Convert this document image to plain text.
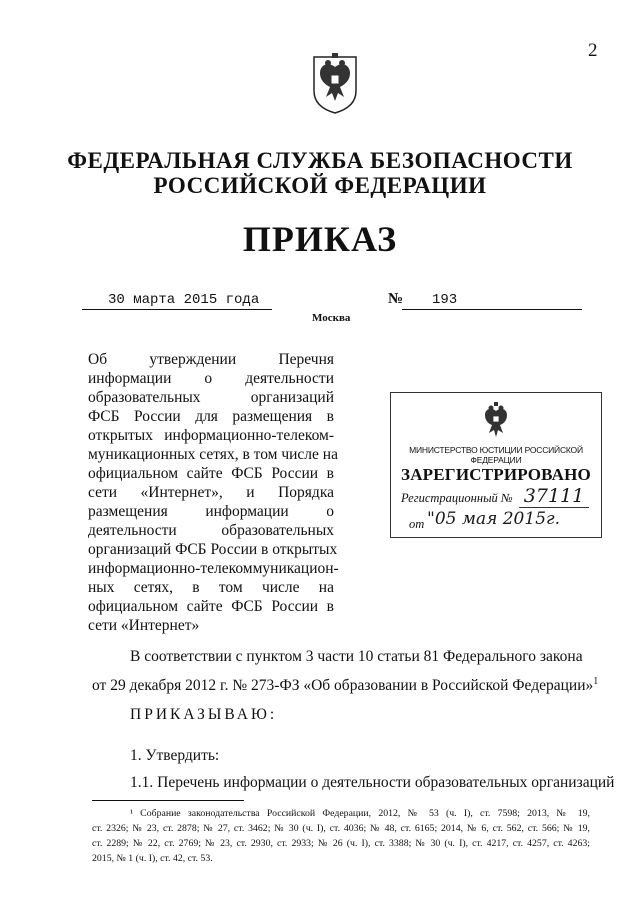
2
ФЕДЕРАЛЬНАЯ СЛУЖБА БЕЗОПАСНОСТИ
РОССИЙСКОЙ ФЕДЕРАЦИИ
ПРИКАЗ
30 марта 2015 года	№	193
Москва
Об утверждении Перечня
информации о деятельности
образовательных организаций
ФСБ России для размещения в
открытых информационно-телеком-
муникационных сетях, в том числе на
официальном сайте ФСБ России в
сети «Интернет», и Порядка
размещения информации о
деятельности образовательных
организаций ФСБ России в открытых
информационно-телекоммуникацион-
ных сетях, в том числе на
официальном сайте ФСБ России в
сети «Интернет»
МИНИСТЕРСТВО ЮСТИЦИИ РОССИЙСКОЙ ФЕДЕРАЦИИ
ЗАРЕГИСТРИРОВАНО
Регистрационный № 37111
от "05 мая 2015г.
В соответствии с пунктом 3 части 10 статьи 81 Федерального закона
от 29 декабря 2012 г. № 273-ФЗ «Об образовании в Российской Федерации»$^1$
ПРИКАЗЫВАЮ:
1. Утвердить:
1.1. Перечень информации о деятельности образовательных организаций
¹ Собрание законодательства Российской Федерации, 2012, № 53 (ч. I), ст. 7598; 2013, № 19,
ст. 2326; № 23, ст. 2878; № 27, ст. 3462; № 30 (ч. I), ст. 4036; № 48, ст. 6165; 2014, № 6, ст. 562, ст. 566; № 19,
ст. 2289; № 22, ст. 2769; № 23, ст. 2930, ст. 2933; № 26 (ч. I), ст. 3388; № 30 (ч. I), ст. 4217, ст. 4257, ст. 4263;
2015, № 1 (ч. I), ст. 42, ст. 53.
